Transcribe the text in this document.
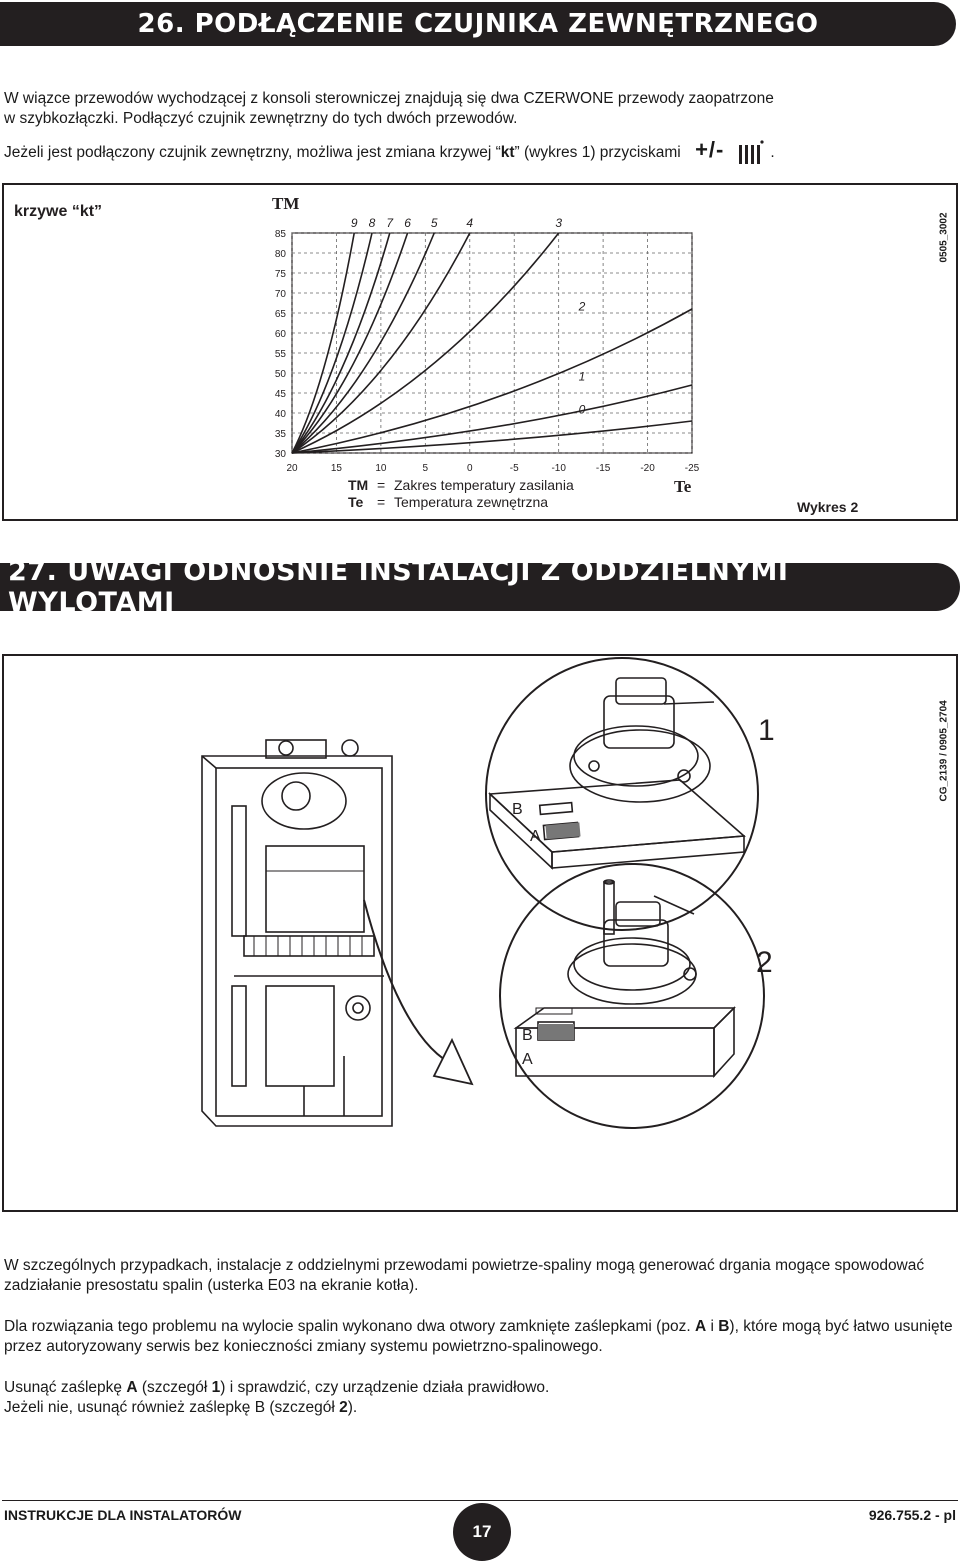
26. PODŁĄCZENIE CZUJNIKA ZEWNĘTRZNEGO

W wiązce przewodów wychodzącej z konsoli sterowniczej znajdują się dwa CZERWONE przewody zaopatrzone

w szybkozłączki. Podłączyć czujnik zewnętrzny do tych dwóch przewodów.

Jeżeli jest podłączony czujnik zewnętrzny, możliwa jest zmiana krzywej “kt” (wykres 1) przyciskami +/-	.

0505_3002
krzywe “kt”	TM
85
80
75
70
65
60
55
50
45
40
35
30
20	15	10	5	0	-5	-10	-15	-20	-25
0
1
2
3
4
5
6
7
8
9
Te
TM = Zakres temperatury zasilania
Te = Temperatura zewnętrzna	Wykres 2
27. UWAGI ODNOŚNIE INSTALACJI Z ODDZIELNYMI WYLOTAMI
CG_2139 / 0905_2704
1
2
B
A
B
A

W szczególnych przypadkach, instalacje z oddzielnymi przewodami powietrze-spaliny mogą generować drgania mogące spowodować zadziałanie presostatu spalin (usterka E03 na ekranie kotła).

Dla rozwiązania tego problemu na wylocie spalin wykonano dwa otwory zamknięte zaślepkami (poz. A i B), które mogą być łatwo usunięte przez autoryzowany serwis bez konieczności zmiany systemu powietrzno-spalinowego.

Usunąć zaślepkę A (szczegół 1) i sprawdzić, czy urządzenie działa prawidłowo.

Jeżeli nie, usunąć również zaślepkę B (szczegół 2).

INSTRUKCJE DLA INSTALATORÓW
17
926.755.2 - pl
